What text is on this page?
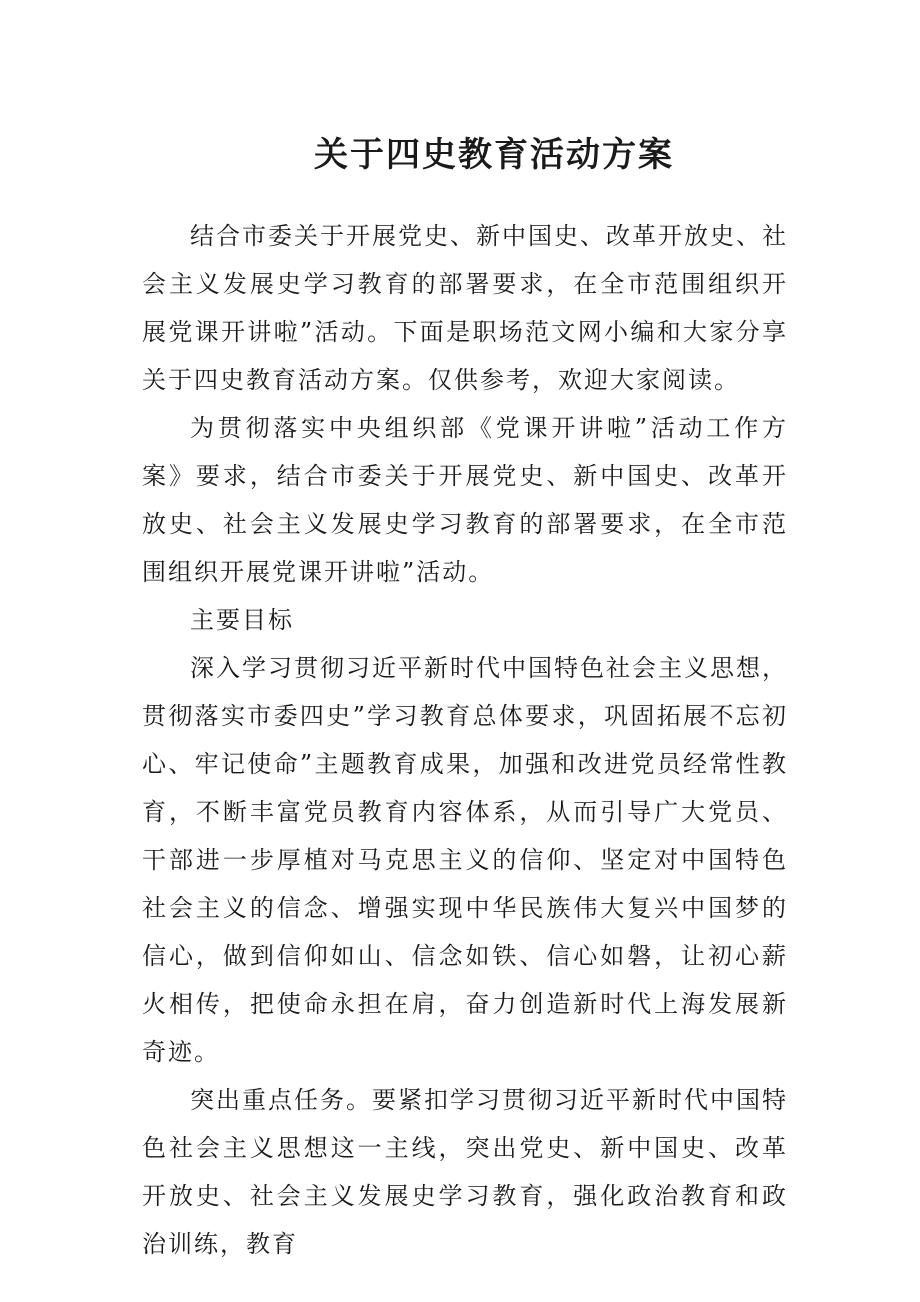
关于四史教育活动方案

结合市委关于开展党史、新中国史、改革开放史、社会主义发展史学习教育的部署要求，在全市范围组织开展党课开讲啦”活动。下面是职场范文网小编和大家分享关于四史教育活动方案。仅供参考，欢迎大家阅读。

为贯彻落实中央组织部《党课开讲啦”活动工作方案》要求，结合市委关于开展党史、新中国史、改革开放史、社会主义发展史学习教育的部署要求，在全市范围组织开展党课开讲啦”活动。

主要目标

深入学习贯彻习近平新时代中国特色社会主义思想，贯彻落实市委四史”学习教育总体要求，巩固拓展不忘初心、牢记使命”主题教育成果，加强和改进党员经常性教育，不断丰富党员教育内容体系，从而引导广大党员、干部进一步厚植对马克思主义的信仰、坚定对中国特色社会主义的信念、增强实现中华民族伟大复兴中国梦的信心，做到信仰如山、信念如铁、信心如磐，让初心薪火相传，把使命永担在肩，奋力创造新时代上海发展新奇迹。

突出重点任务。要紧扣学习贯彻习近平新时代中国特色社会主义思想这一主线，突出党史、新中国史、改革开放史、社会主义发展史学习教育，强化政治教育和政治训练，教育
